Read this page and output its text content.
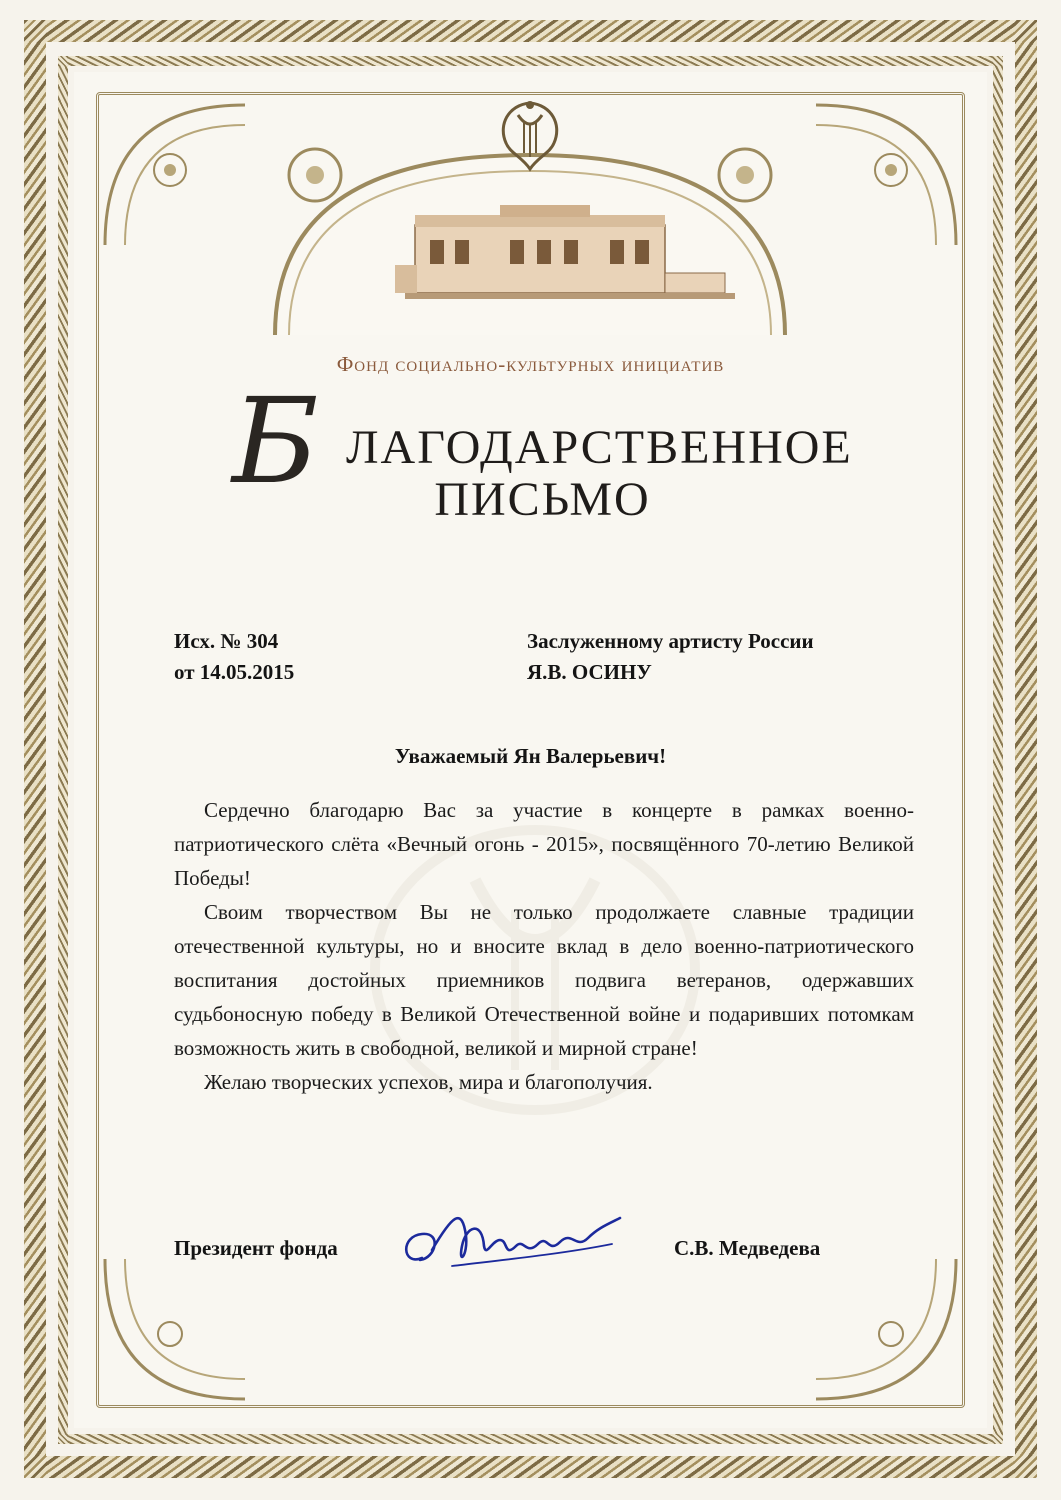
Фонд социально-культурных инициатив
Б ЛАГОДАРСТВЕННОЕ
ПИСЬМО
Исх. № 304
от 14.05.2015
Заслуженному артисту России
Я.В. ОСИНУ
Уважаемый Ян Валерьевич!

Сердечно благодарю Вас за участие в концерте в рамках военно-патриотического слёта «Вечный огонь - 2015», посвящённого 70-летию Великой Победы!

Своим творчеством Вы не только продолжаете славные традиции отечественной культуры, но и вносите вклад в дело военно-патриотического воспитания достойных приемников подвига ветеранов, одержавших судьбоносную победу в Великой Отечественной войне и подаривших потомкам возможность жить в свободной, великой и мирной стране!

Желаю творческих успехов, мира и благополучия.

Президент фонда	С.В. Медведева
